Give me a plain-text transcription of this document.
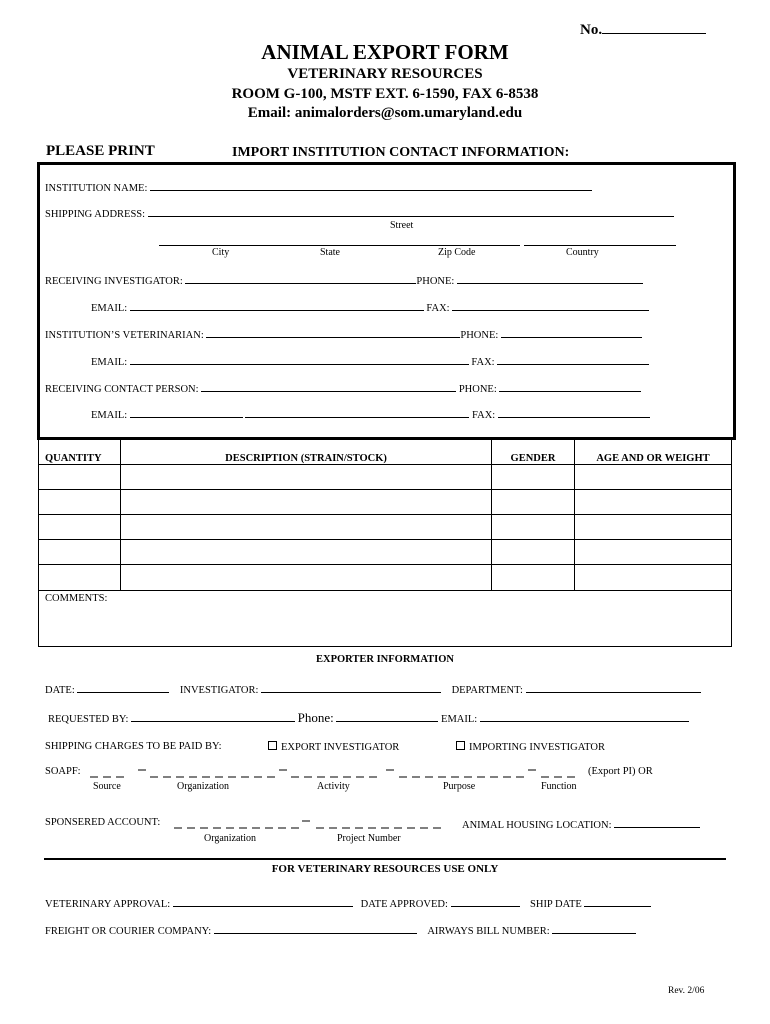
No.
ANIMAL EXPORT FORM
VETERINARY RESOURCES
ROOM G-100, MSTF EXT. 6-1590, FAX 6-8538
Email: animalorders@som.umaryland.edu
PLEASE PRINT	IMPORT INSTITUTION CONTACT INFORMATION:
INSTITUTION NAME:
SHIPPING ADDRESS:
Street
City	State	Zip Code	Country
RECEIVING INVESTIGATOR:	PHONE:
EMAIL:	FAX:
INSTITUTION’S VETERINARIAN:	PHONE:
EMAIL:	FAX:
RECEIVING CONTACT PERSON:	PHONE:
EMAIL:	FAX:
QUANTITY	DESCRIPTION (STRAIN/STOCK)	GENDER	AGE AND OR WEIGHT

COMMENTS:			
EXPORTER INFORMATION
DATE:	INVESTIGATOR:	DEPARTMENT:
REQUESTED BY:	Phone:	EMAIL:
SHIPPING CHARGES TO BE PAID BY:	EXPORT INVESTIGATOR	IMPORTING INVESTIGATOR
SOAPF:	(Export PI) OR
Source	Organization	Activity	Purpose	Function
SPONSERED ACCOUNT:
Organization	Project Number
ANIMAL HOUSING LOCATION:
FOR VETERINARY RESOURCES USE ONLY
VETERINARY APPROVAL:	DATE APPROVED:	SHIP DATE
FREIGHT OR COURIER COMPANY:	AIRWAYS BILL NUMBER:
Rev. 2/06
